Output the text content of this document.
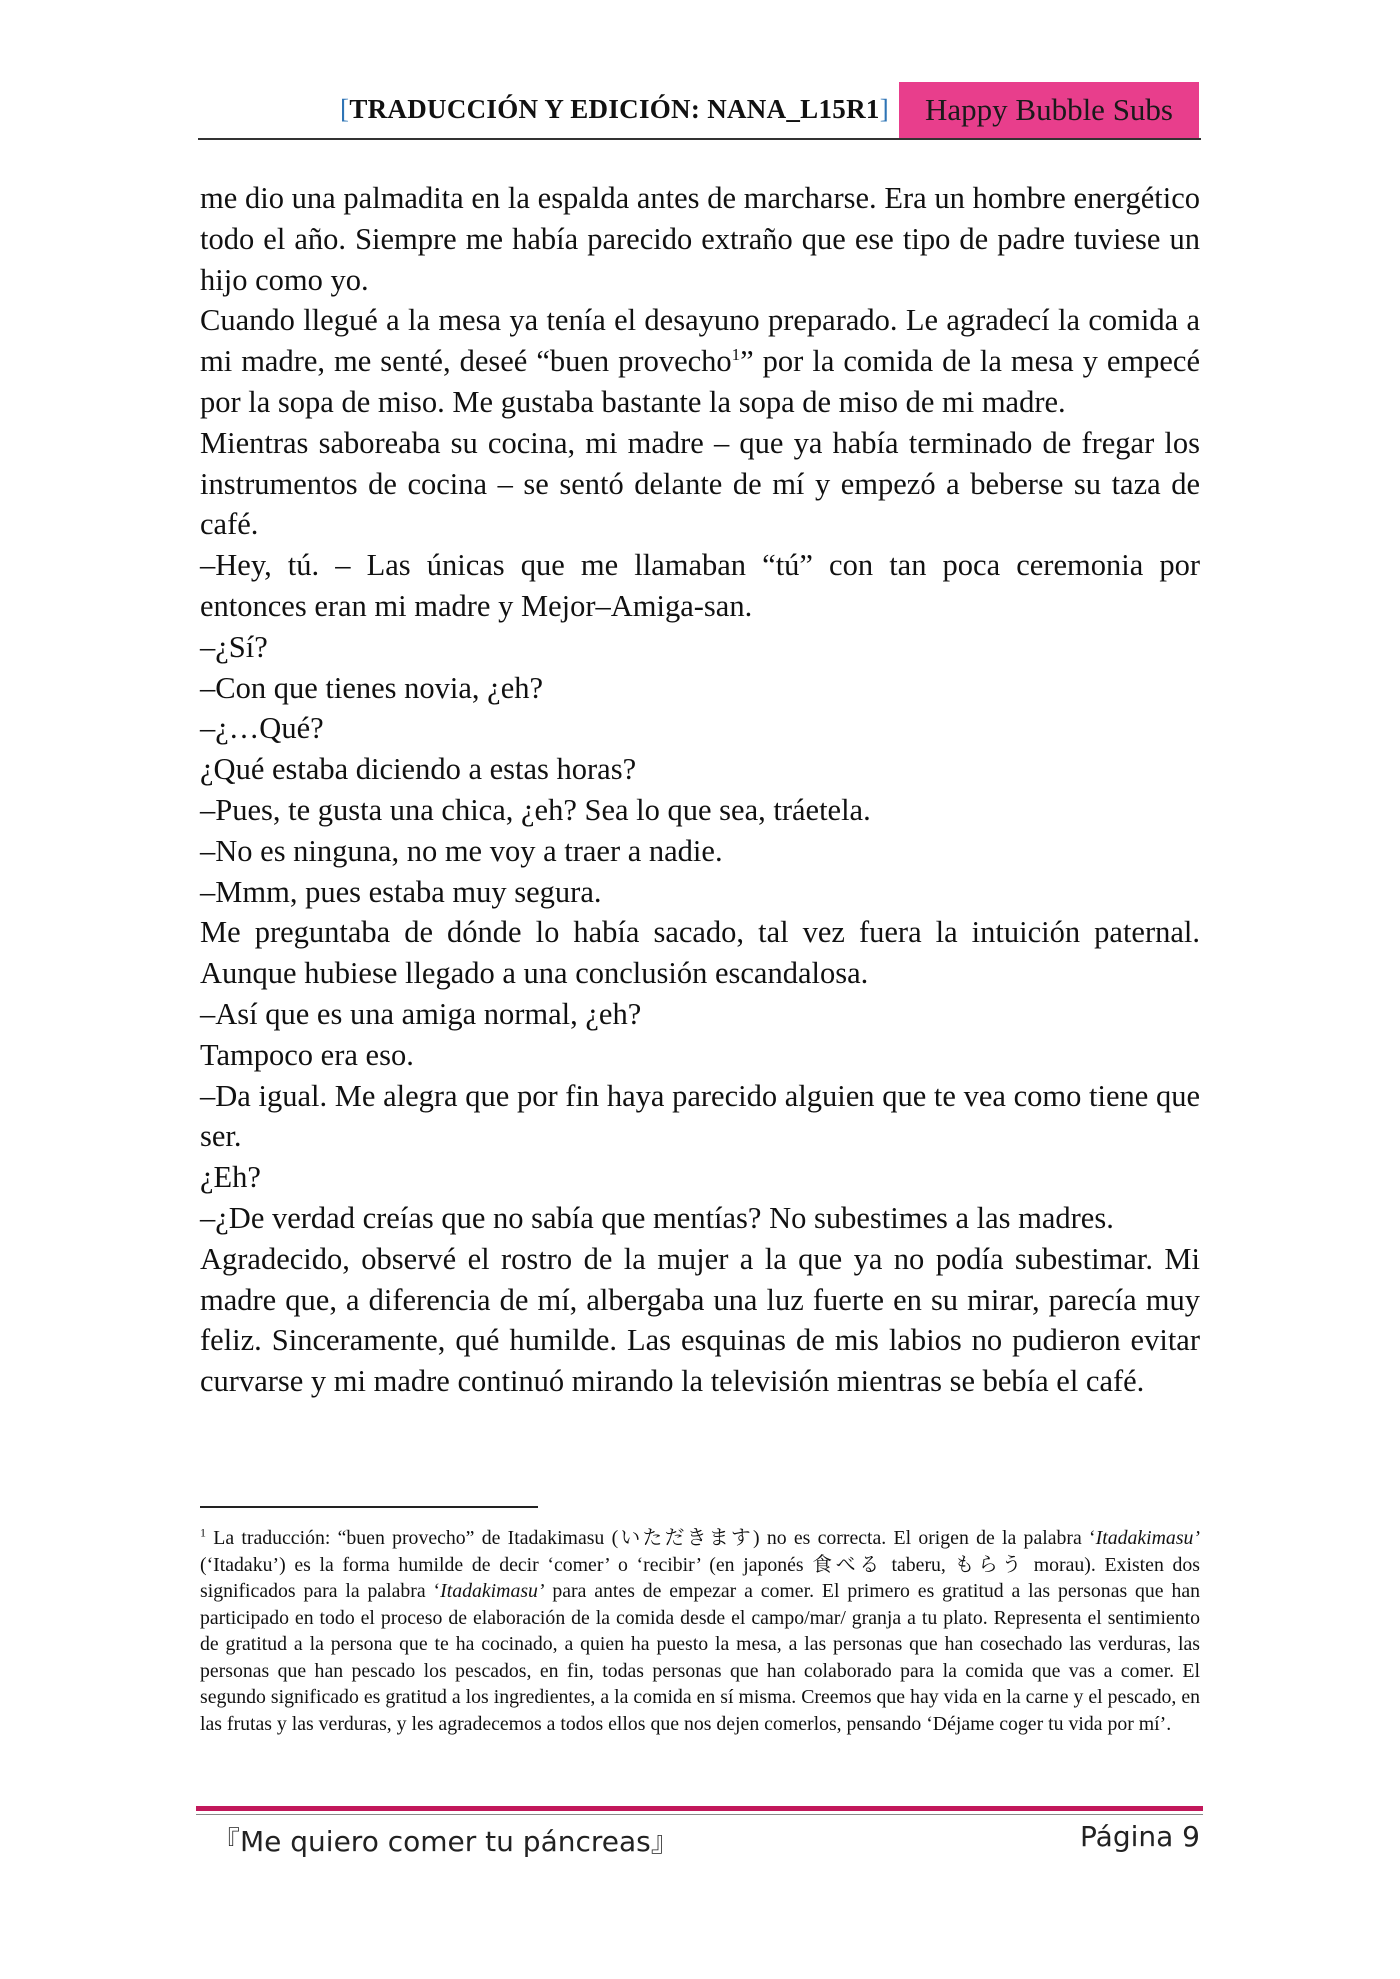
[TRADUCCIÓN Y EDICIÓN: NANA_L15R1]	Happy Bubble Subs

me dio una palmadita en la espalda antes de marcharse. Era un hombre energético todo el año. Siempre me había parecido extraño que ese tipo de padre tuviese un hijo como yo.

Cuando llegué a la mesa ya tenía el desayuno preparado. Le agradecí la comida a mi madre, me senté, deseé “buen provecho$^1$” por la comida de la mesa y empecé por la sopa de miso. Me gustaba bastante la sopa de miso de mi madre.

Mientras saboreaba su cocina, mi madre – que ya había terminado de fregar los instrumentos de cocina – se sentó delante de mí y empezó a beberse su taza de café.

–Hey, tú. – Las únicas que me llamaban “tú” con tan poca ceremonia por entonces eran mi madre y Mejor–Amiga-san.

–¿Sí?

–Con que tienes novia, ¿eh?

–¿…Qué?

¿Qué estaba diciendo a estas horas?

–Pues, te gusta una chica, ¿eh? Sea lo que sea, tráetela.

–No es ninguna, no me voy a traer a nadie.

–Mmm, pues estaba muy segura.

Me preguntaba de dónde lo había sacado, tal vez fuera la intuición paternal. Aunque hubiese llegado a una conclusión escandalosa.

–Así que es una amiga normal, ¿eh?

Tampoco era eso.

–Da igual. Me alegra que por fin haya parecido alguien que te vea como tiene que ser.

¿Eh?

–¿De verdad creías que no sabía que mentías? No subestimes a las madres.

Agradecido, observé el rostro de la mujer a la que ya no podía subestimar. Mi madre que, a diferencia de mí, albergaba una luz fuerte en su mirar, parecía muy feliz. Sinceramente, qué humilde. Las esquinas de mis labios no pudieron evitar curvarse y mi madre continuó mirando la televisión mientras se bebía el café.

$^1$ La traducción: “buen provecho” de Itadakimasu (いただきます) no es correcta. El origen de la palabra ‘Itadakimasu’ (‘Itadaku’) es la forma humilde de decir ‘comer’ o ‘recibir’ (en japonés 食べる taberu, もらう morau). Existen dos significados para la palabra ‘Itadakimasu’ para antes de empezar a comer. El primero es gratitud a las personas que han participado en todo el proceso de elaboración de la comida desde el campo/mar/ granja a tu plato. Representa el sentimiento de gratitud a la persona que te ha cocinado, a quien ha puesto la mesa, a las personas que han cosechado las verduras, las personas que han pescado los pescados, en fin, todas personas que han colaborado para la comida que vas a comer. El segundo significado es gratitud a los ingredientes, a la comida en sí misma. Creemos que hay vida en la carne y el pescado, en las frutas y las verduras, y les agradecemos a todos ellos que nos dejen comerlos, pensando ‘Déjame coger tu vida por mí’.

『Me quiero comer tu páncreas』	Página 9
